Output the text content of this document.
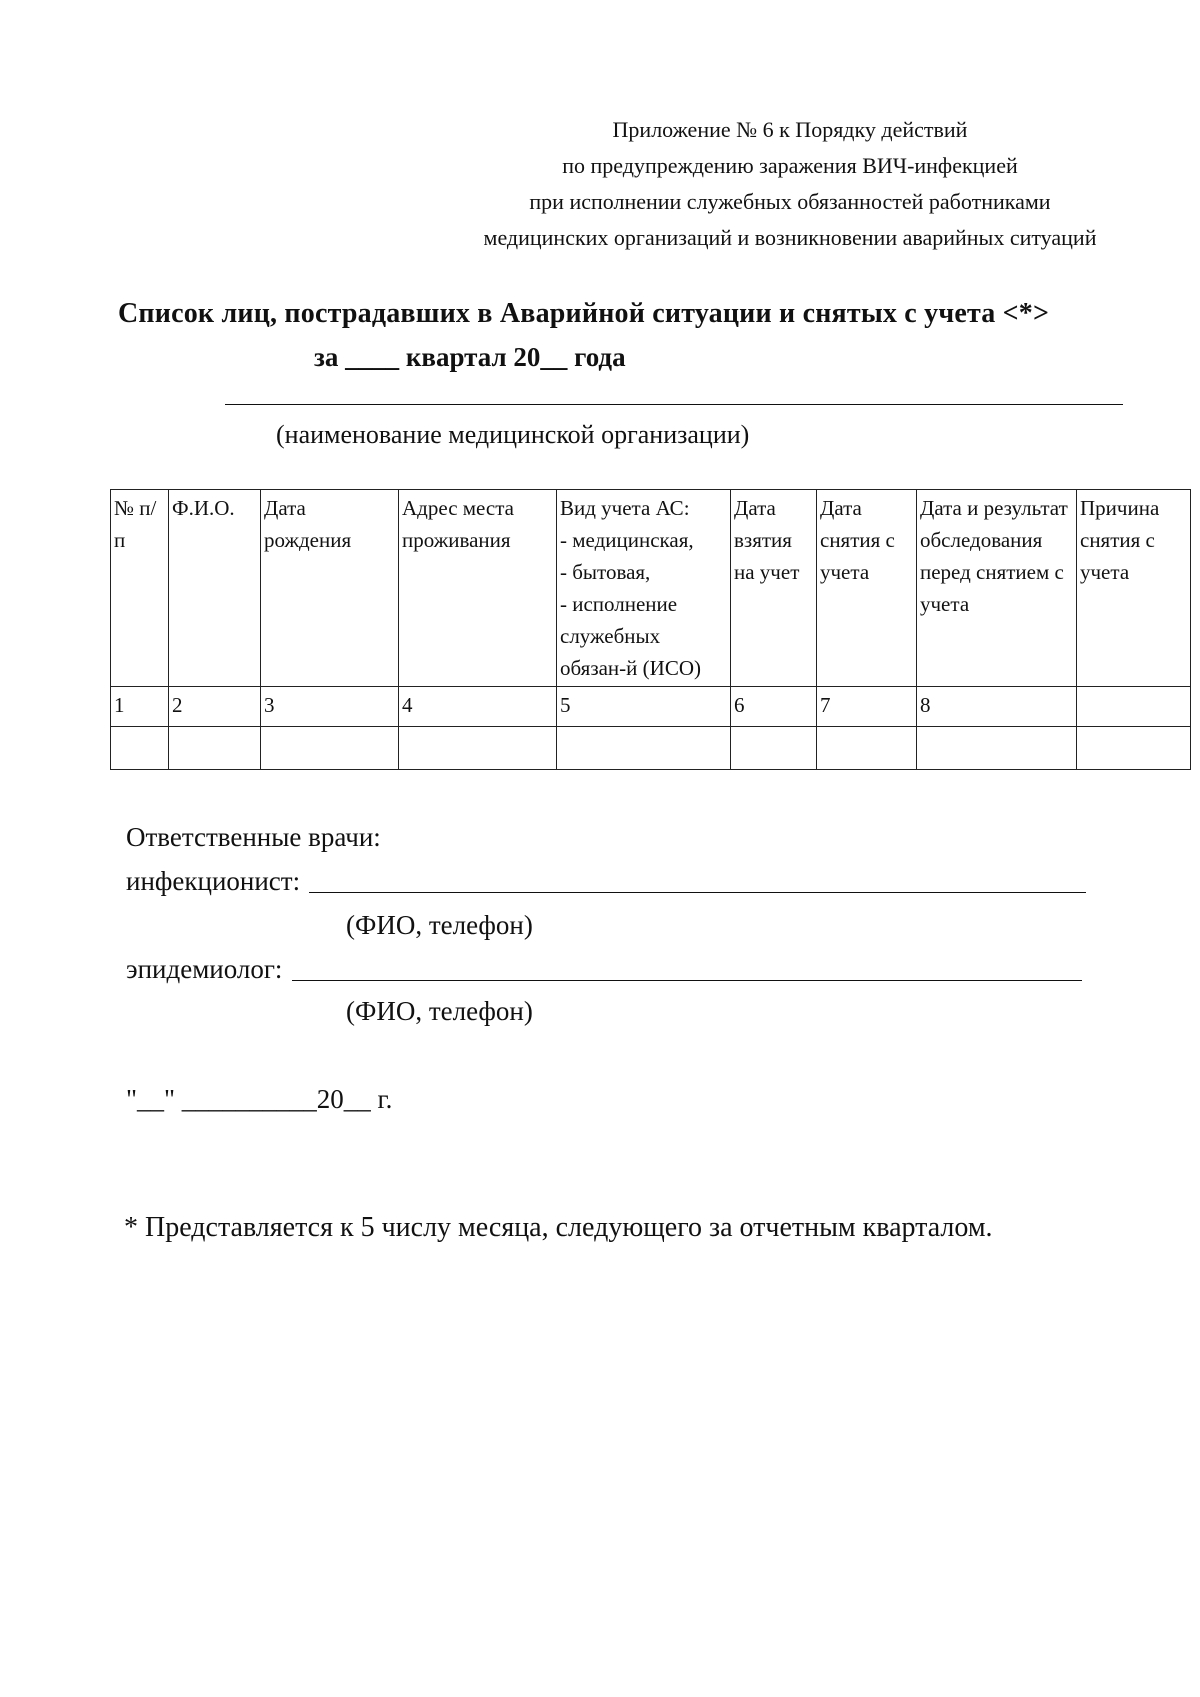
Приложение № 6 к Порядку действий
по предупреждению заражения ВИЧ-инфекцией
при исполнении служебных обязанностей работниками
медицинских организаций и возникновении аварийных ситуаций
Список лиц, пострадавших в Аварийной ситуации и снятых с учета <*>
за ____ квартал 20__ года
(наименование медицинской организации)
№ п/п	Ф.И.О.	Дата рождения	Адрес места проживания	Вид учета АС:
- медицинская,
- бытовая,
- исполнение служебных обязан-й (ИСО)	Дата взятия на учет	Дата снятия с учета	Дата и результат обследования перед снятием с учета	Причина снятия с учета
1	2	3	4	5	6	7	8	

Ответственные врачи:
инфекционист:
(ФИО, телефон)
эпидемиолог:
(ФИО, телефон)
"__" __________20__ г.
* Представляется к 5 числу месяца, следующего за отчетным кварталом.
